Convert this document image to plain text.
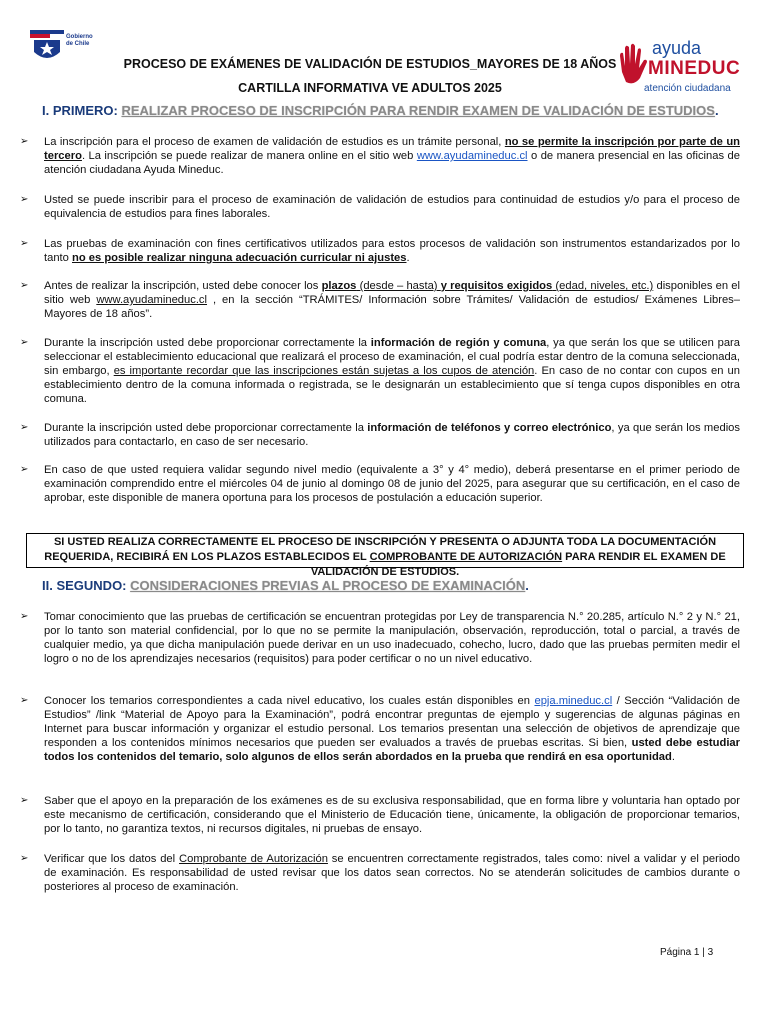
Gobierno
de Chile
PROCESO DE EXÁMENES DE VALIDACIÓN DE ESTUDIOS_MAYORES DE 18 AÑOS
CARTILLA INFORMATIVA VE ADULTOS 2025
ayuda
MINEDUC
atención ciudadana
I. PRIMERO: REALIZAR PROCESO DE INSCRIPCIÓN PARA RENDIR EXAMEN DE VALIDACIÓN DE ESTUDIOS.
➢	La inscripción para el proceso de examen de validación de estudios es un trámite personal, no se permite la inscripción por parte de un tercero. La inscripción se puede realizar de manera online en el sitio web www.ayudamineduc.cl o de manera presencial en las oficinas de atención ciudadana Ayuda Mineduc.
➢	Usted se puede inscribir para el proceso de examinación de validación de estudios para continuidad de estudios y/o para el proceso de equivalencia de estudios para fines laborales.
➢	Las pruebas de examinación con fines certificativos utilizados para estos procesos de validación son instrumentos estandarizados por lo tanto no es posible realizar ninguna adecuación curricular ni ajustes.
➢	Antes de realizar la inscripción, usted debe conocer los plazos (desde – hasta) y requisitos exigidos (edad, niveles, etc.) disponibles en el sitio web www.ayudamineduc.cl , en la sección “TRÁMITES/ Información sobre Trámites/ Validación de estudios/ Exámenes Libres–Mayores de 18 años”.
➢	Durante la inscripción usted debe proporcionar correctamente la información de región y comuna, ya que serán los que se utilicen para seleccionar el establecimiento educacional que realizará el proceso de examinación, el cual podría estar dentro de la comuna seleccionada, sin embargo, es importante recordar que las inscripciones están sujetas a los cupos de atención. En caso de no contar con cupos en un establecimiento dentro de la comuna informada o registrada, se le designarán un establecimiento que sí tenga cupos disponibles en otra comuna.
➢	Durante la inscripción usted debe proporcionar correctamente la información de teléfonos y correo electrónico, ya que serán los medios utilizados para contactarlo, en caso de ser necesario.
➢	En caso de que usted requiera validar segundo nivel medio (equivalente a 3° y 4° medio), deberá presentarse en el primer periodo de examinación comprendido entre el miércoles 04 de junio al domingo 08 de junio del 2025, para asegurar que su certificación, en el caso de aprobar, este disponible de manera oportuna para los procesos de postulación a educación superior.
SI USTED REALIZA CORRECTAMENTE EL PROCESO DE INSCRIPCIÓN Y PRESENTA O ADJUNTA TODA LA DOCUMENTACIÓN REQUERIDA, RECIBIRÁ EN LOS PLAZOS ESTABLECIDOS EL COMPROBANTE DE AUTORIZACIÓN PARA RENDIR EL EXAMEN DE VALIDACIÓN DE ESTUDIOS.
II. SEGUNDO: CONSIDERACIONES PREVIAS AL PROCESO DE EXAMINACIÓN.
➢	Tomar conocimiento que las pruebas de certificación se encuentran protegidas por Ley de transparencia N.° 20.285, artículo N.° 2 y N.° 21, por lo tanto son material confidencial, por lo que no se permite la manipulación, observación, reproducción, total o parcial, a través de cualquier medio, ya que dicha manipulación puede derivar en un uso inadecuado, cohecho, lucro, dado que las pruebas permiten medir el logro o no de los aprendizajes necesarios (requisitos) para poder certificar o no un nivel educativo.
➢	Conocer los temarios correspondientes a cada nivel educativo, los cuales están disponibles en epja.mineduc.cl / Sección “Validación de Estudios” /link “Material de Apoyo para la Examinación”, podrá encontrar preguntas de ejemplo y sugerencias de algunas páginas en Internet para buscar información y organizar el estudio personal. Los temarios presentan una selección de objetivos de aprendizaje que responden a los contenidos mínimos necesarios que pueden ser evaluados a través de pruebas escritas. Si bien, usted debe estudiar todos los contenidos del temario, solo algunos de ellos serán abordados en la prueba que rendirá en esa oportunidad.
➢	Saber que el apoyo en la preparación de los exámenes es de su exclusiva responsabilidad, que en forma libre y voluntaria han optado por este mecanismo de certificación, considerando que el Ministerio de Educación tiene, únicamente, la obligación de proporcionar temarios, por lo tanto, no garantiza textos, ni recursos digitales, ni pruebas de ensayo.
➢	Verificar que los datos del Comprobante de Autorización se encuentren correctamente registrados, tales como: nivel a validar y el periodo de examinación. Es responsabilidad de usted revisar que los datos sean correctos. No se atenderán solicitudes de cambios durante o posteriores al proceso de examinación.
Página 1 | 3
